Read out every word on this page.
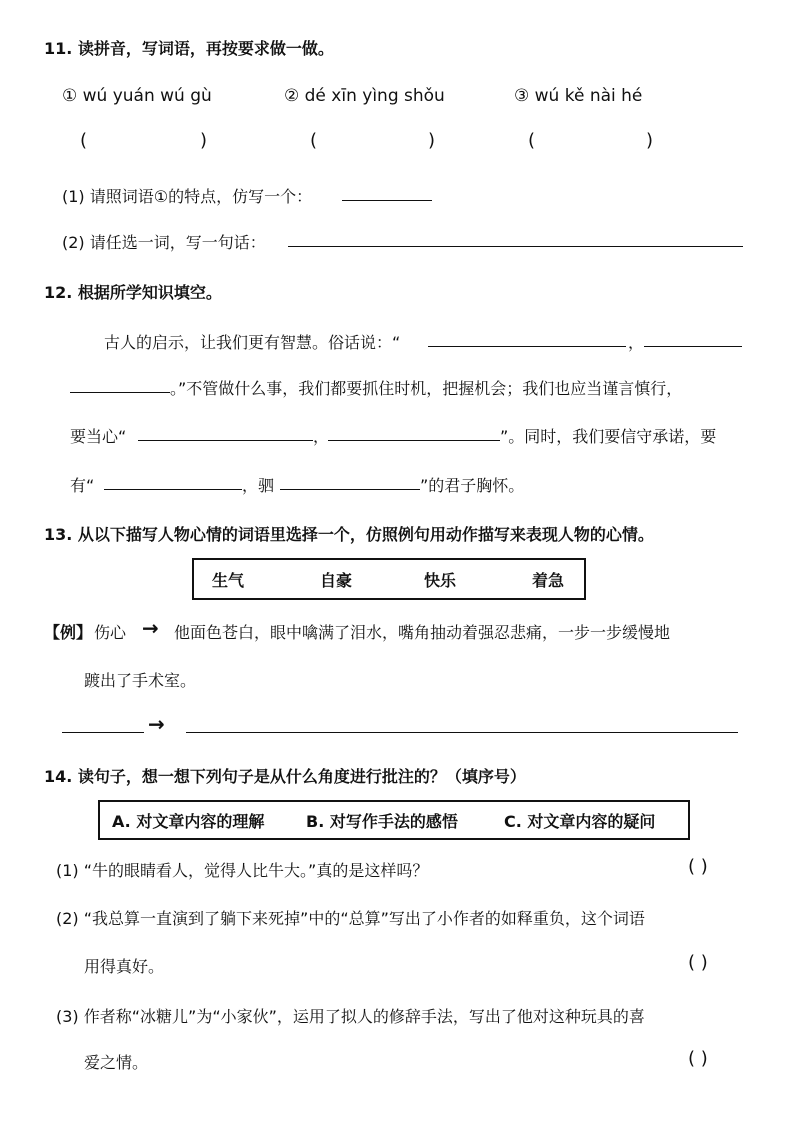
11. 读拼音，写词语，再按要求做一做。
① wú yuán wú gù	② dé xīn yìng shǒu	③ wú kě nài hé
(	)	(	)	(	)
(1) 请照词语①的特点，仿写一个：
(2) 请任选一词，写一句话：
12. 根据所学知识填空。
古人的启示，让我们更有智慧。俗话说：“	，
。”不管做什么事，我们都要抓住时机，把握机会；我们也应当谨言慎行，
要当心“	，	”。同时，我们要信守承诺，要
有“	，驷	”的君子胸怀。
13. 从以下描写人物心情的词语里选择一个，仿照例句用动作描写来表现人物的心情。
生气	自豪	快乐	着急
【例】 伤心 → 他面色苍白，眼中噙满了泪水，嘴角抽动着强忍悲痛，一步一步缓慢地
踱出了手术室。
→
14. 读句子，想一想下列句子是从什么角度进行批注的？（填序号）
A. 对文章内容的理解	B. 对写作手法的感悟	C. 对文章内容的疑问
(1) “牛的眼睛看人，觉得人比牛大。”真的是这样吗？	( )
(2) “我总算一直演到了躺下来死掉”中的“总算”写出了小作者的如释重负，这个词语
用得真好。	( )
(3) 作者称“冰糖儿”为“小家伙”，运用了拟人的修辞手法，写出了他对这种玩具的喜
爱之情。	( )
